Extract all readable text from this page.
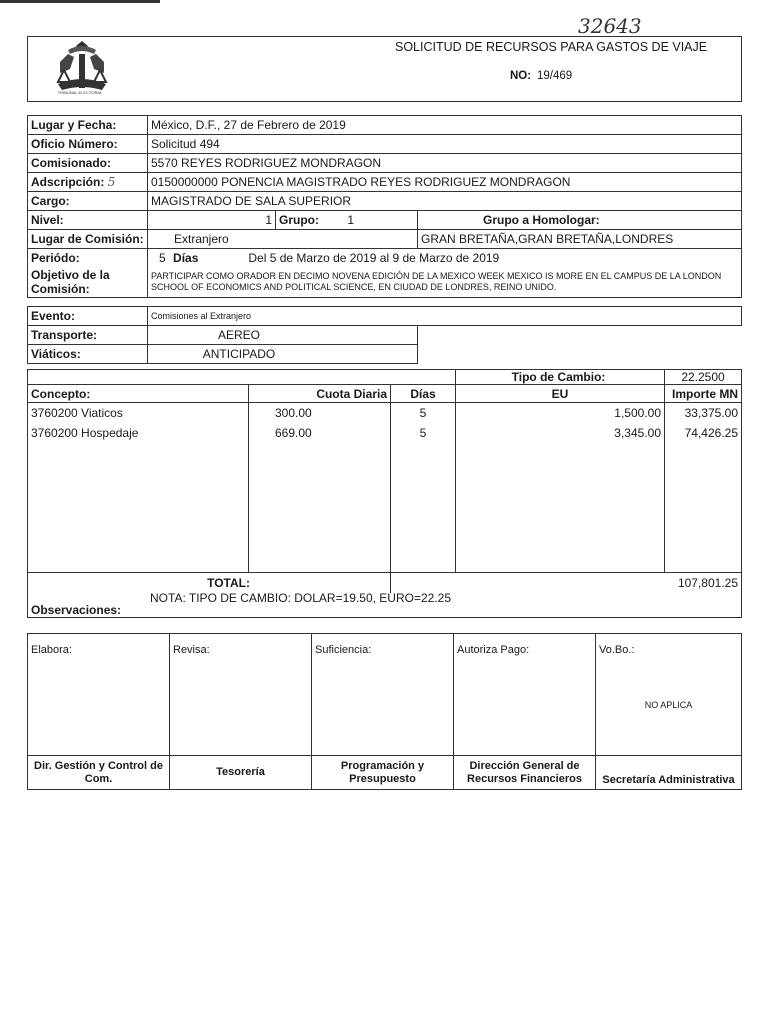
32643
TRIBUNAL ELECTORAL
SOLICITUD DE RECURSOS PARA GASTOS DE VIAJE
NO: 19/469
Lugar y Fecha:	México, D.F., 27 de Febrero de 2019		
Oficio Número:	Solicitud 494		
Comisionado:	5570 REYES RODRIGUEZ MONDRAGON		
Adscripción: 5	0150000000 PONENCIA MAGISTRADO REYES RODRIGUEZ MONDRAGON		
Cargo:	MAGISTRADO DE SALA SUPERIOR		
Nivel:	1	Grupo: 1	Grupo a Homologar:
Lugar de Comisión:	Extranjero		GRAN BRETAÑA,GRAN BRETAÑA,LONDRES
Periódo:	5 Días Del 5 de Marzo de 2019 al 9 de Marzo de 2019		
Objetivo de la Comisión:	PARTICIPAR COMO ORADOR EN DECIMO NOVENA EDICIÓN DE LA MEXICO WEEK MEXICO IS MORE EN EL CAMPUS DE LA LONDON SCHOOL OF ECONOMICS AND POLITICAL SCIENCE, EN CIUDAD DE LONDRES, REINO UNIDO.		

Evento:	Comisiones al Extranjero		
Transporte:	AEREO		
Viáticos:	ANTICIPADO		
			Tipo de Cambio:	22.2500
Concepto:	Cuota Diaria	Días	EU	Importe MN
3760200 Viaticos	300.00	5	1,500.00	33,375.00
3760200 Hospedaje	669.00	5	3,345.00	74,426.25

TOTAL:		107,801.25		

Observaciones:
NOTA: TIPO DE CAMBIO: DOLAR=19.50, EURO=22.25				
Elabora:	Revisa:	Suficiencia:	Autoriza Pago:	Vo.Bo.:
NO APLICA

Dir. Gestión y Control de Com.	Tesorería	Programación y Presupuesto	Dirección General de Recursos Financieros	Secretaría Administrativa
